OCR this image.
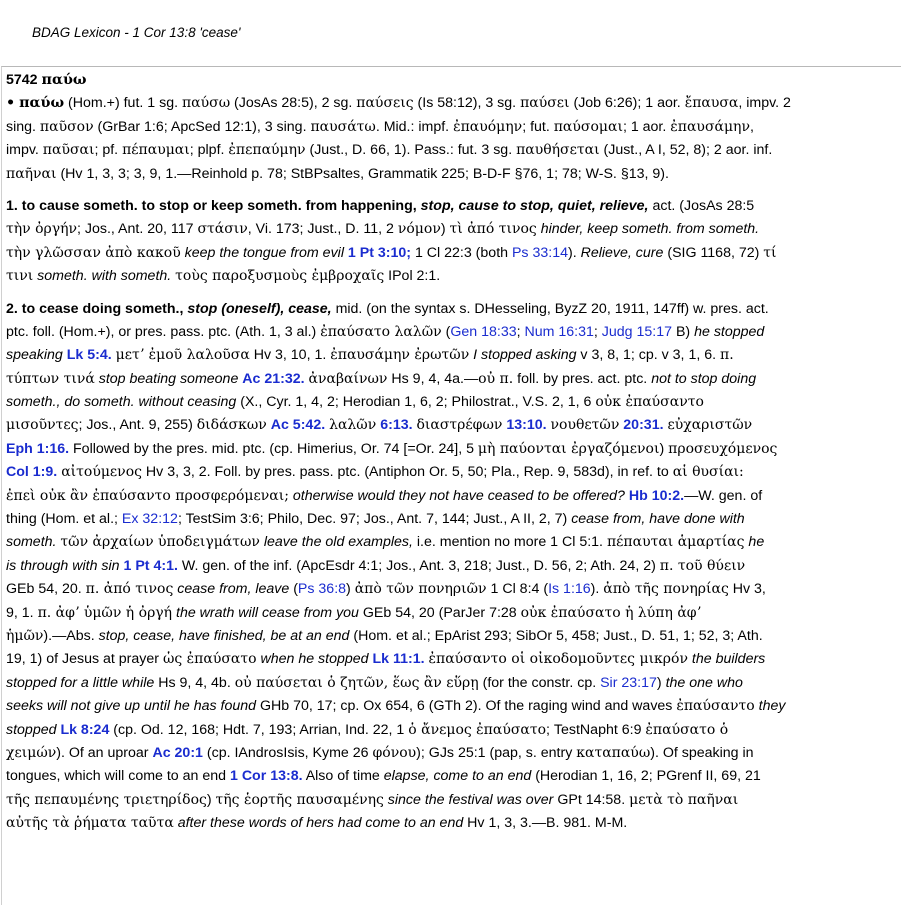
BDAG Lexicon - 1 Cor 13:8 'cease'
5742 παύω
• παύω (Hom.+) fut. 1 sg. παύσω (JosAs 28:5), 2 sg. παύσεις (Is 58:12), 3 sg. παύσει (Job 6:26); 1 aor. ἔπαυσα, impv. 2
sing. παῦσον (GrBar 1:6; ApcSed 12:1), 3 sing. παυσάτω. Mid.: impf. ἐπαυόμην; fut. παύσομαι; 1 aor. ἐπαυσάμην,
impv. παῦσαι; pf. πέπαυμαι; plpf. ἐπεπαύμην (Just., D. 66, 1). Pass.: fut. 3 sg. παυθήσεται (Just., A I, 52, 8); 2 aor. inf.
παῆναι (Hv 1, 3, 3; 3, 9, 1.—Reinhold p. 78; StBPsaltes, Grammatik 225; B-D-F §76, 1; 78; W-S. §13, 9).
1. to cause someth. to stop or keep someth. from happening, stop, cause to stop, quiet, relieve, act. (JosAs 28:5
τὴν ὀργήν; Jos., Ant. 20, 117 στάσιν, Vi. 173; Just., D. 11, 2 νόμον) τὶ ἀπό τινος hinder, keep someth. from someth.
τὴν γλῶσσαν ἀπὸ κακοῦ keep the tongue from evil 1 Pt 3:10; 1 Cl 22:3 (both Ps 33:14). Relieve, cure (SIG 1168, 72) τί
τινι someth. with someth. τοὺς παροξυσμοὺς ἐμβροχαῖς IPol 2:1.
2. to cease doing someth., stop (oneself), cease, mid. (on the syntax s. DHesseling, ByzZ 20, 1911, 147ff) w. pres. act.
ptc. foll. (Hom.+), or pres. pass. ptc. (Ath. 1, 3 al.) ἐπαύσατο λαλῶν (Gen 18:33; Num 16:31; Judg 15:17 B) he stopped
speaking Lk 5:4. μετʼ ἐμοῦ λαλοῦσα Hv 3, 10, 1. ἐπαυσάμην ἐρωτῶν I stopped asking v 3, 8, 1; cp. v 3, 1, 6. π.
τύπτων τινά stop beating someone Ac 21:32. ἀναβαίνων Hs 9, 4, 4a.—οὐ π. foll. by pres. act. ptc. not to stop doing
someth., do someth. without ceasing (X., Cyr. 1, 4, 2; Herodian 1, 6, 2; Philostrat., V.S. 2, 1, 6 οὐκ ἐπαύσαντο
μισοῦντες; Jos., Ant. 9, 255) διδάσκων Ac 5:42. λαλῶν 6:13. διαστρέφων 13:10. νουθετῶν 20:31. εὐχαριστῶν
Eph 1:16. Followed by the pres. mid. ptc. (cp. Himerius, Or. 74 [=Or. 24], 5 μὴ παύονται ἐργαζόμενοι) προσευχόμενος
Col 1:9. αἰτούμενος Hv 3, 3, 2. Foll. by pres. pass. ptc. (Antiphon Or. 5, 50; Pla., Rep. 9, 583d), in ref. to αἱ θυσίαι:
ἐπεὶ οὐκ ἂν ἐπαύσαντο προσφερόμεναι; otherwise would they not have ceased to be offered? Hb 10:2.—W. gen. of
thing (Hom. et al.; Ex 32:12; TestSim 3:6; Philo, Dec. 97; Jos., Ant. 7, 144; Just., A II, 2, 7) cease from, have done with
someth. τῶν ἀρχαίων ὑποδειγμάτων leave the old examples, i.e. mention no more 1 Cl 5:1. πέπαυται ἁμαρτίας he
is through with sin 1 Pt 4:1. W. gen. of the inf. (ApcEsdr 4:1; Jos., Ant. 3, 218; Just., D. 56, 2; Ath. 24, 2) π. τοῦ θύειν
GEb 54, 20. π. ἀπό τινος cease from, leave (Ps 36:8) ἀπὸ τῶν πονηριῶν 1 Cl 8:4 (Is 1:16). ἀπὸ τῆς πονηρίας Hv 3,
9, 1. π. ἀφʼ ὑμῶν ἡ ὀργή the wrath will cease from you GEb 54, 20 (ParJer 7:28 οὐκ ἐπαύσατο ἡ λύπη ἀφʼ
ἡμῶν).—Abs. stop, cease, have finished, be at an end (Hom. et al.; EpArist 293; SibOr 5, 458; Just., D. 51, 1; 52, 3; Ath.
19, 1) of Jesus at prayer ὡς ἐπαύσατο when he stopped Lk 11:1. ἐπαύσαντο οἱ οἰκοδομοῦντες μικρόν the builders
stopped for a little while Hs 9, 4, 4b. οὐ παύσεται ὁ ζητῶν, ἕως ἂν εὕρῃ (for the constr. cp. Sir 23:17) the one who
seeks will not give up until he has found GHb 70, 17; cp. Ox 654, 6 (GTh 2). Of the raging wind and waves ἐπαύσαντο they
stopped Lk 8:24 (cp. Od. 12, 168; Hdt. 7, 193; Arrian, Ind. 22, 1 ὁ ἄνεμος ἐπαύσατο; TestNapht 6:9 ἐπαύσατο ὁ
χειμών). Of an uproar Ac 20:1 (cp. IAndrosIsis, Kyme 26 φόνου); GJs 25:1 (pap, s. entry καταπαύω). Of speaking in
tongues, which will come to an end 1 Cor 13:8. Also of time elapse, come to an end (Herodian 1, 16, 2; PGrenf II, 69, 21
τῆς πεπαυμένης τριετηρίδος) τῆς ἑορτῆς παυσαμένης since the festival was over GPt 14:58. μετὰ τὸ παῆναι
αὐτῆς τὰ ῥήματα ταῦτα after these words of hers had come to an end Hv 1, 3, 3.—B. 981. M-M.
